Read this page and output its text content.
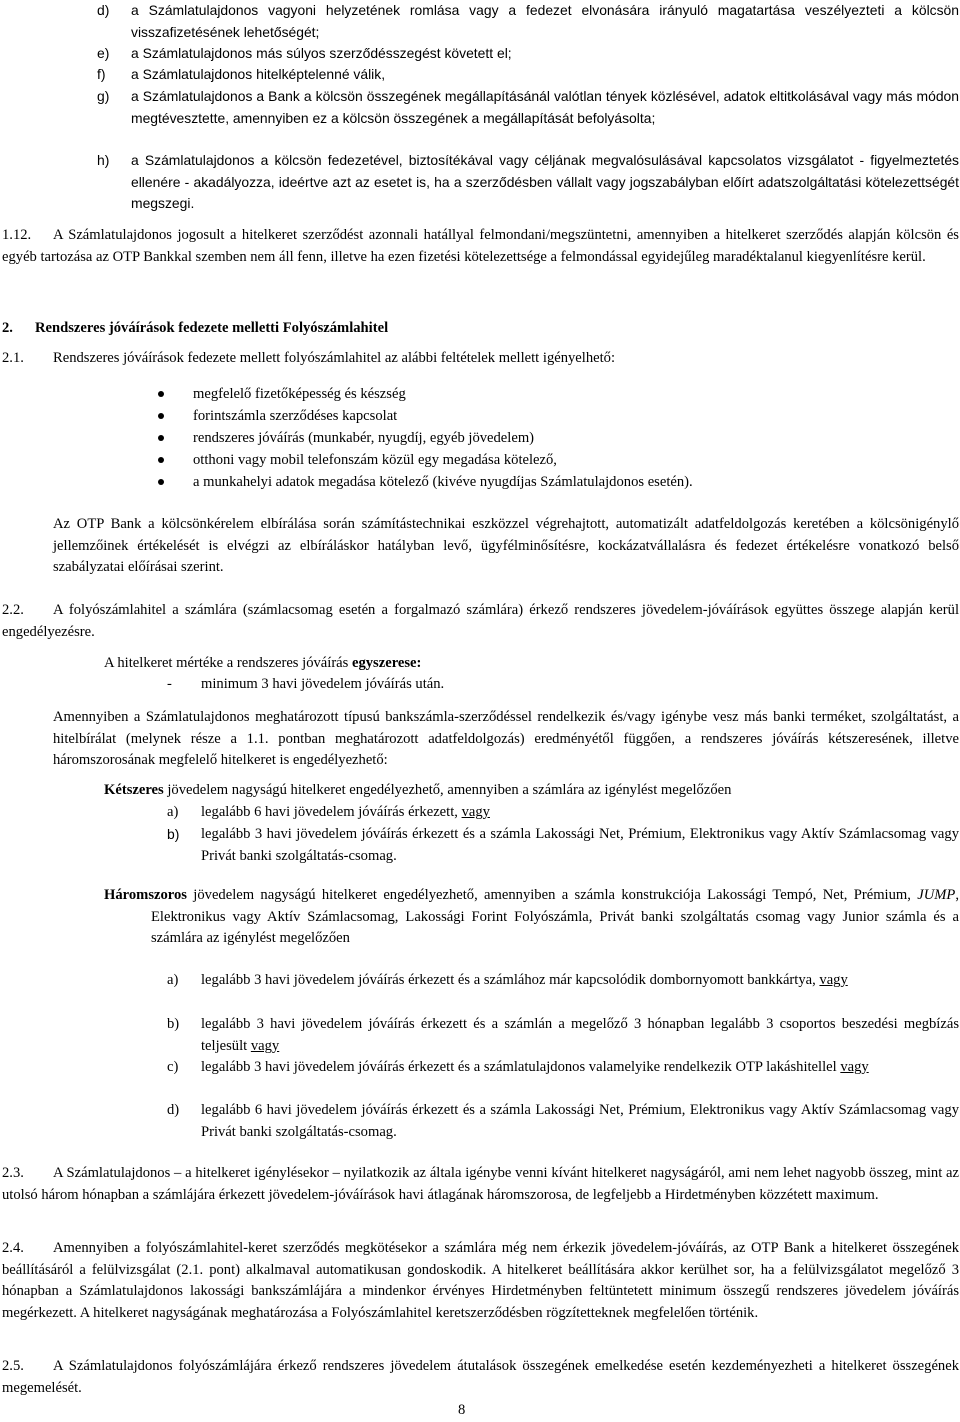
d) a Számlatulajdonos vagyoni helyzetének romlása vagy a fedezet elvonására irányuló magatartása veszélyezteti a kölcsön visszafizetésének lehetőségét;

e) a Számlatulajdonos más súlyos szerződésszegést követett el;

f) a Számlatulajdonos hitelképtelenné válik,

g) a Számlatulajdonos a Bank a kölcsön összegének megállapításánál valótlan tények közlésével, adatok eltitkolásával vagy más módon megtévesztette, amennyiben ez a kölcsön összegének a megállapítását befolyásolta;

h) a Számlatulajdonos a kölcsön fedezetével, biztosítékával vagy céljának megvalósulásával kapcsolatos vizsgálatot - figyelmeztetés ellenére - akadályozza, ideértve azt az esetet is, ha a szerződésben vállalt vagy jogszabályban előírt adatszolgáltatási kötelezettségét megszegi.

1.12.	A Számlatulajdonos jogosult a hitelkeret szerződést azonnali hatállyal felmondani/megszüntetni, amennyiben a hitelkeret szerződés alapján kölcsön és egyéb tartozása az OTP Bankkal szemben nem áll fenn, illetve ha ezen fizetési kötelezettsége a felmondással egyidejűleg maradéktalanul kiegyenlítésre kerül.

2. Rendszeres jóváírások fedezete melletti Folyószámlahitel
2.1. Rendszeres jóváírások fedezete mellett folyószámlahitel az alábbi feltételek mellett igényelhető:

megfelelő fizetőképesség és készség
forintszámla szerződéses kapcsolat
rendszeres jóváírás (munkabér, nyugdíj, egyéb jövedelem)
otthoni vagy mobil telefonszám közül egy megadása kötelező,
a munkahelyi adatok megadása kötelező (kivéve nyugdíjas Számlatulajdonos esetén).

Az OTP Bank a kölcsönkérelem elbírálása során számítástechnikai eszközzel végrehajtott, automatizált adatfeldolgozás keretében a kölcsönigénylő jellemzőinek értékelését is elvégzi az elbíráláskor hatályban levő, ügyfélminősítésre, kockázatvállalásra és fedezet értékelésre vonatkozó belső szabályzatai előírásai szerint.

2.2.	A folyószámlahitel a számlára (számlacsomag esetén a forgalmazó számlára) érkező rendszeres jövedelem-jóváírások együttes összege alapján kerül engedélyezésre.

A hitelkeret mértéke a rendszeres jóváírás egyszerese:
- minimum 3 havi jövedelem jóváírás után.

Amennyiben a Számlatulajdonos meghatározott típusú bankszámla-szerződéssel rendelkezik és/vagy igénybe vesz más banki terméket, szolgáltatást, a hitelbírálat (melynek része a 1.1. pontban meghatározott adatfeldolgozás) eredményétől függően, a rendszeres jóváírás kétszeresének, illetve háromszorosának megfelelő hitelkeret is engedélyezhető:

Kétszeres jövedelem nagyságú hitelkeret engedélyezhető, amennyiben a számlára az igénylést megelőzően
a) legalább 6 havi jövedelem jóváírás érkezett, vagy

b) legalább 3 havi jövedelem jóváírás érkezett és a számla Lakossági Net, Prémium, Elektronikus vagy Aktív Számlacsomag vagy Privát banki szolgáltatás-csomag.

Háromszoros jövedelem nagyságú hitelkeret engedélyezhető, amennyiben a számla konstrukciója Lakossági Tempó, Net, Prémium, JUMP, Elektronikus vagy Aktív Számlacsomag, Lakossági Forint Folyószámla, Privát banki szolgáltatás csomag vagy Junior számla és a számlára az igénylést megelőzően

a) legalább 3 havi jövedelem jóváírás érkezett és a számlához már kapcsolódik dombornyomott bankkártya, vagy

b) legalább 3 havi jövedelem jóváírás érkezett és a számlán a megelőző 3 hónapban legalább 3 csoportos beszedési megbízás teljesült vagy

c) legalább 3 havi jövedelem jóváírás érkezett és a számlatulajdonos valamelyike rendelkezik OTP lakáshitellel vagy

d) legalább 6 havi jövedelem jóváírás érkezett és a számla Lakossági Net, Prémium, Elektronikus vagy Aktív Számlacsomag vagy Privát banki szolgáltatás-csomag.

2.3.	A Számlatulajdonos – a hitelkeret igénylésekor – nyilatkozik az általa igénybe venni kívánt hitelkeret nagyságáról, ami nem lehet nagyobb összeg, mint az utolsó három hónapban a számlájára érkezett jövedelem-jóváírások havi átlagának háromszorosa, de legfeljebb a Hirdetményben közzétett maximum.

2.4.	Amennyiben a folyószámlahitel-keret szerződés megkötésekor a számlára még nem érkezik jövedelem-jóváírás, az OTP Bank a hitelkeret összegének beállításáról a felülvizsgálat (2.1. pont) alkalmaval automatikusan gondoskodik. A hitelkeret beállítására akkor kerülhet sor, ha a felülvizsgálatot megelőző 3 hónapban a Számlatulajdonos lakossági bankszámlájára a mindenkor érvényes Hirdetményben feltüntetett minimum összegű rendszeres jövedelem jóváírás megérkezett. A hitelkeret nagyságának meghatározása a Folyószámlahitel keretszerződésben rögzítetteknek megfelelően történik.

2.5.	A Számlatulajdonos folyószámlájára érkező rendszeres jövedelem átutalások összegének emelkedése esetén kezdeményezheti a hitelkeret összegének megemelését.

8
